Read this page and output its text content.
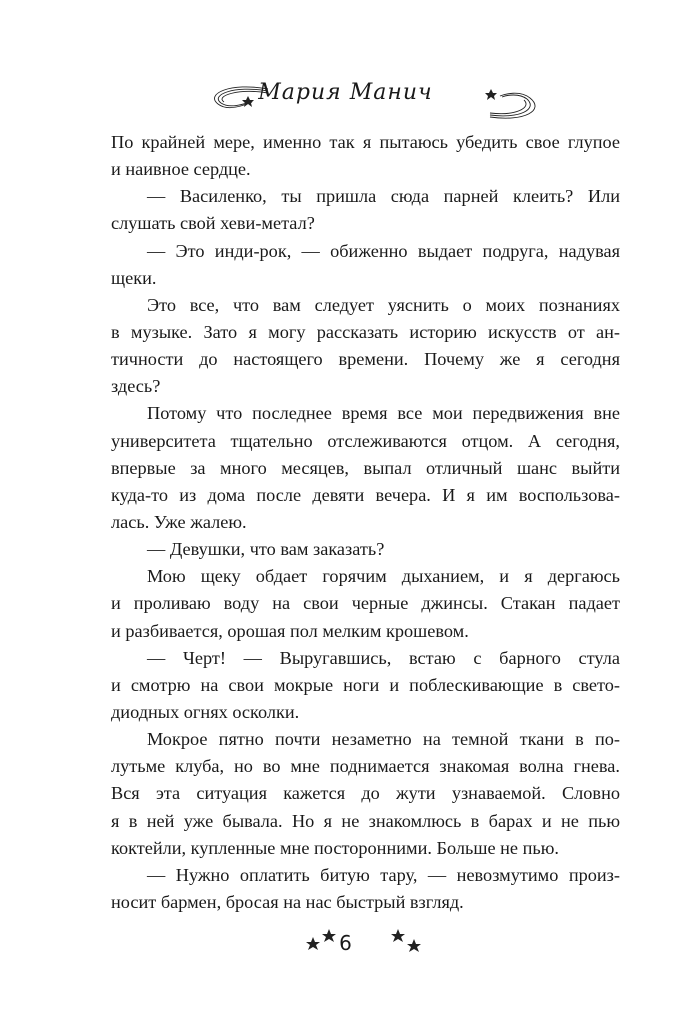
Мария Манич
По крайней мере, именно так я пытаюсь убедить свое глупое
и наивное сердце.
— Василенко, ты пришла сюда парней клеить? Или
слушать свой хеви-метал?
— Это инди-рок, — обиженно выдает подруга, надувая
щеки.
Это все, что вам следует уяснить о моих познаниях
в музыке. Зато я могу рассказать историю искусств от ан-
тичности до настоящего времени. Почему же я сегодня
здесь?
Потому что последнее время все мои передвижения вне
университета тщательно отслеживаются отцом. А сегодня,
впервые за много месяцев, выпал отличный шанс выйти
куда-то из дома после девяти вечера. И я им воспользова-
лась. Уже жалею.
— Девушки, что вам заказать?
Мою щеку обдает горячим дыханием, и я дергаюсь
и проливаю воду на свои черные джинсы. Стакан падает
и разбивается, орошая пол мелким крошевом.
— Черт! — Выругавшись, встаю с барного стула
и смотрю на свои мокрые ноги и поблескивающие в свето-
диодных огнях осколки.
Мокрое пятно почти незаметно на темной ткани в по-
лутьме клуба, но во мне поднимается знакомая волна гнева.
Вся эта ситуация кажется до жути узнаваемой. Словно
я в ней уже бывала. Но я не знакомлюсь в барах и не пью
коктейли, купленные мне посторонними. Больше не пью.
— Нужно оплатить битую тару, — невозмутимо произ-
носит бармен, бросая на нас быстрый взгляд.
6
